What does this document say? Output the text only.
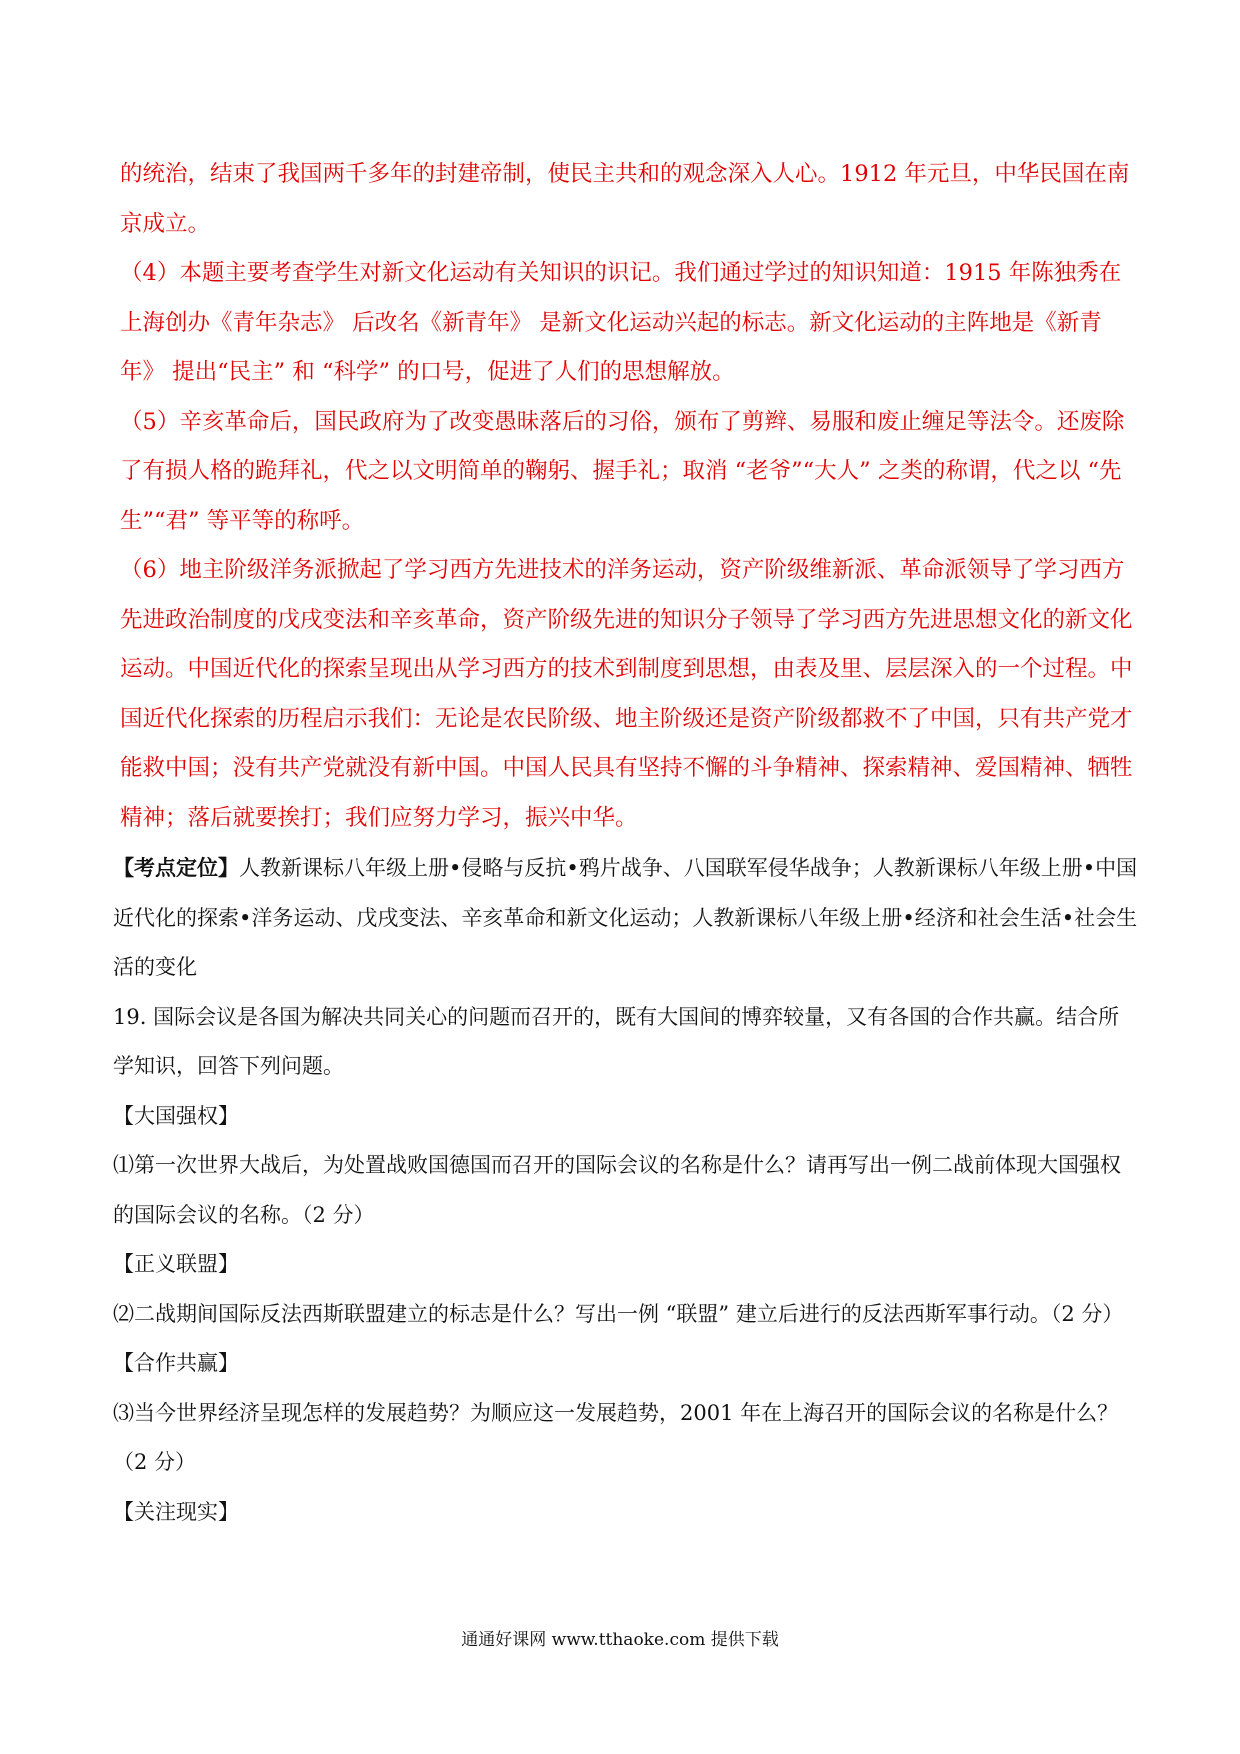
的统治，结束了我国两千多年的封建帝制，使民主共和的观念深入人心。1912 年元旦，中华民国在南京成立。

（4）本题主要考查学生对新文化运动有关知识的识记。我们通过学过的知识知道：1915 年陈独秀在上海创办《青年杂志》 后改名《新青年》 是新文化运动兴起的标志。新文化运动的主阵地是《新青年》 提出“民主” 和 “科学” 的口号，促进了人们的思想解放。

（5）辛亥革命后，国民政府为了改变愚昧落后的习俗，颁布了剪辫、易服和废止缠足等法令。还废除了有损人格的跪拜礼，代之以文明简单的鞠躬、握手礼；取消 “老爷”“大人” 之类的称谓，代之以 “先生”“君” 等平等的称呼。

（6）地主阶级洋务派掀起了学习西方先进技术的洋务运动，资产阶级维新派、革命派领导了学习西方先进政治制度的戊戌变法和辛亥革命，资产阶级先进的知识分子领导了学习西方先进思想文化的新文化运动。中国近代化的探索呈现出从学习西方的技术到制度到思想，由表及里、层层深入的一个过程。中国近代化探索的历程启示我们：无论是农民阶级、地主阶级还是资产阶级都救不了中国，只有共产党才能救中国；没有共产党就没有新中国。中国人民具有坚持不懈的斗争精神、探索精神、爱国精神、牺牲精神；落后就要挨打；我们应努力学习，振兴中华。

【考点定位】人教新课标八年级上册•侵略与反抗•鸦片战争、八国联军侵华战争；人教新课标八年级上册•中国近代化的探索•洋务运动、戊戌变法、辛亥革命和新文化运动；人教新课标八年级上册•经济和社会生活•社会生活的变化

19. 国际会议是各国为解决共同关心的问题而召开的，既有大国间的博弈较量，又有各国的合作共赢。结合所学知识，回答下列问题。

【大国强权】

⑴第一次世界大战后，为处置战败国德国而召开的国际会议的名称是什么？请再写出一例二战前体现大国强权的国际会议的名称。（2 分）

【正义联盟】

⑵二战期间国际反法西斯联盟建立的标志是什么？写出一例 “联盟” 建立后进行的反法西斯军事行动。（2 分）

【合作共赢】

⑶当今世界经济呈现怎样的发展趋势？为顺应这一发展趋势，2001 年在上海召开的国际会议的名称是什么？（2 分）

【关注现实】

通通好课网 www.tthaoke.com 提供下载
